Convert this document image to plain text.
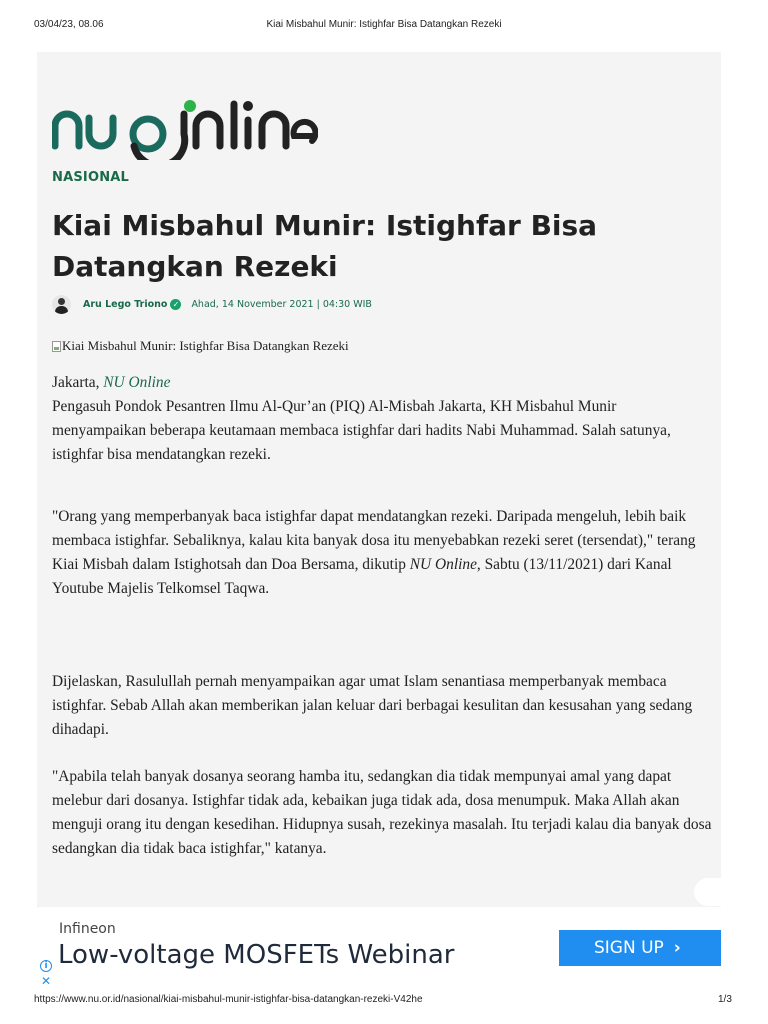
03/04/23, 08.06	Kiai Misbahul Munir: Istighfar Bisa Datangkan Rezeki
NASIONAL
Kiai Misbahul Munir: Istighfar Bisa Datangkan Rezeki
Aru Lego Triono ✓ Ahad, 14 November 2021 | 04:30 WIB
Kiai Misbahul Munir: Istighfar Bisa Datangkan Rezeki

Jakarta, NU Online

Pengasuh Pondok Pesantren Ilmu Al-Qur’an (PIQ) Al-Misbah Jakarta, KH Misbahul Munir menyampaikan beberapa keutamaan membaca istighfar dari hadits Nabi Muhammad. Salah satunya, istighfar bisa mendatangkan rezeki.

"Orang yang memperbanyak baca istighfar dapat mendatangkan rezeki. Daripada mengeluh, lebih baik membaca istighfar. Sebaliknya, kalau kita banyak dosa itu menyebabkan rezeki seret (tersendat)," terang Kiai Misbah dalam Istighotsah dan Doa Bersama, dikutip NU Online, Sabtu (13/11/2021) dari Kanal Youtube Majelis Telkomsel Taqwa.

Dijelaskan, Rasulullah pernah menyampaikan agar umat Islam senantiasa memperbanyak membaca istighfar. Sebab Allah akan memberikan jalan keluar dari berbagai kesulitan dan kesusahan yang sedang dihadapi.

"Apabila telah banyak dosanya seorang hamba itu, sedangkan dia tidak mempunyai amal yang dapat melebur dari dosanya. Istighfar tidak ada, kebaikan juga tidak ada, dosa menumpuk. Maka Allah akan menguji orang itu dengan kesedihan. Hidupnya susah, rezekinya masalah. Itu terjadi kalau dia banyak dosa sedangkan dia tidak baca istighfar," katanya.

Infineon
Low-voltage MOSFETs Webinar	SIGN UP ›
i
✕
https://www.nu.or.id/nasional/kiai-misbahul-munir-istighfar-bisa-datangkan-rezeki-V42he	1/3
